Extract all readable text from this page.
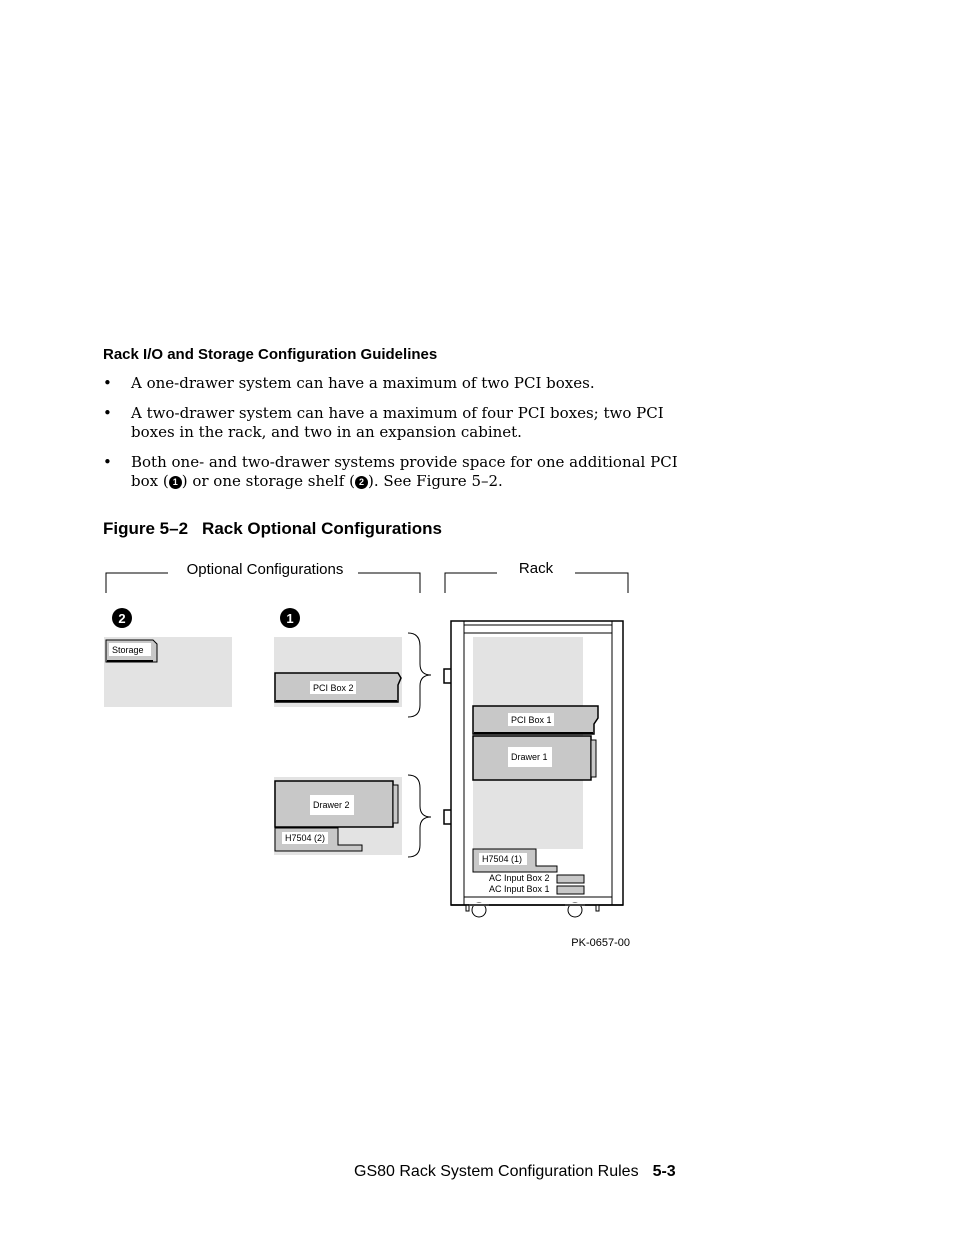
Rack I/O and Storage Configuration Guidelines
• A one-drawer system can have a maximum of two PCI boxes.
• A two-drawer system can have a maximum of four PCI boxes; two PCI boxes in the rack, and two in an expansion cabinet.
• Both one- and two-drawer systems provide space for one additional PCI box ( 1 ) or one storage shelf ( 2 ). See Figure 5–2.
Figure 5–2 Rack Optional Configurations
Optional Configurations	Rack
2	1
Storage
PCI Box 2
Drawer 2
H7504 (2)
PCI Box 1
Drawer 1
H7504 (1)
AC Input Box 2
AC Input Box 1
PK-0657-00
GS80 Rack System Configuration Rules 5-3
